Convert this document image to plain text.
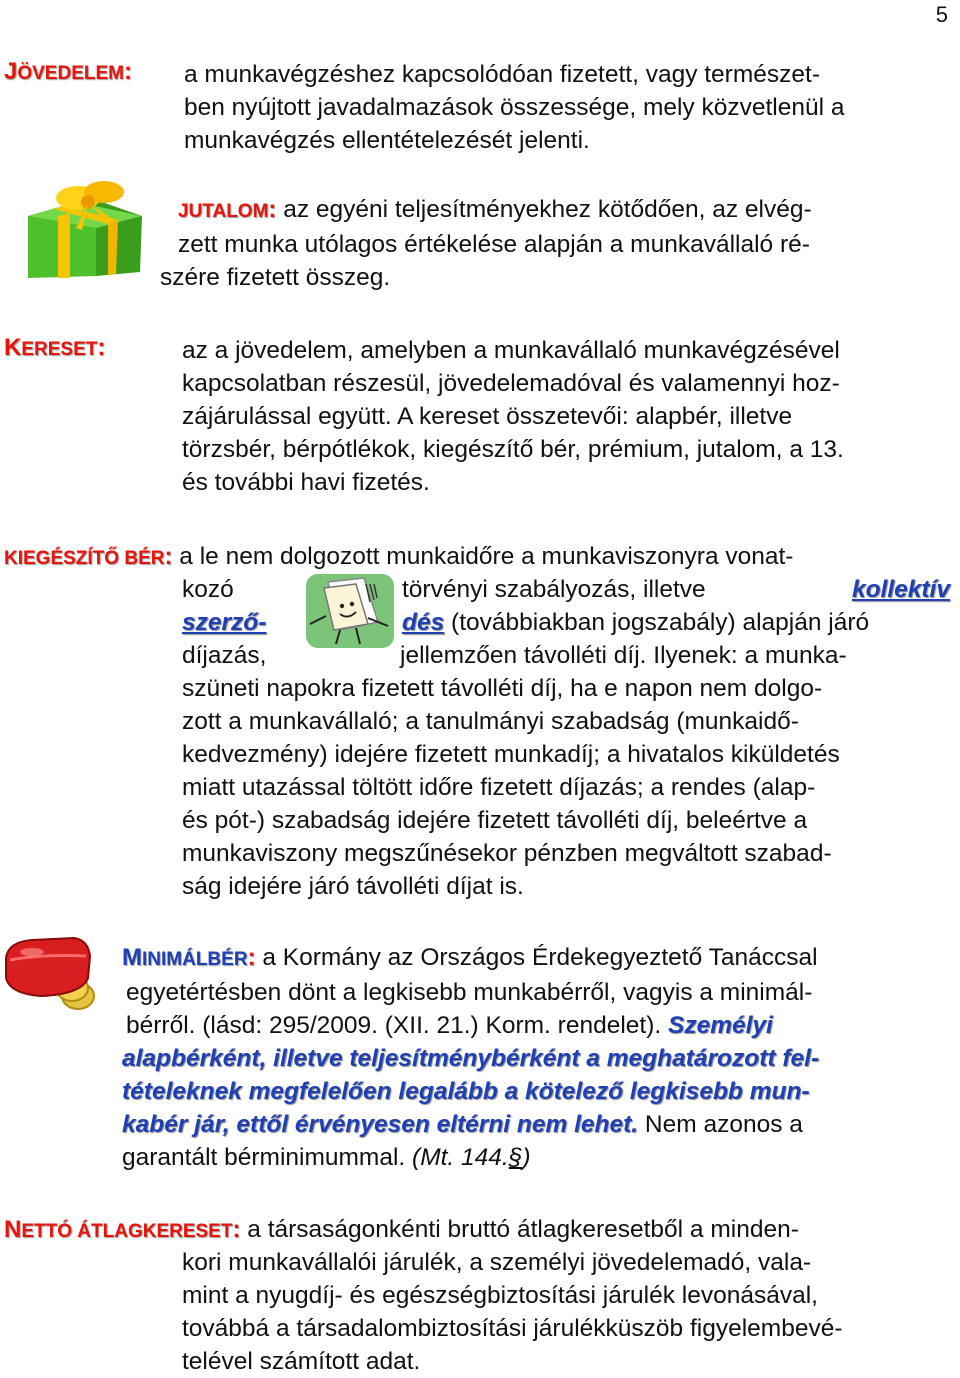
5
JÖVEDELEM: a munkavégzéshez kapcsolódóan fizetett, vagy természet-
ben nyújtott javadalmazások összessége, mely közvetlenül a
munkavégzés ellentételezését jelenti.
JUTALOM: az egyéni teljesítményekhez kötődően, az elvég-
zett munka utólagos értékelése alapján a munkavállaló ré-
szére fizetett összeg.
KERESET:	az a jövedelem, amelyben a munkavállaló munkavégzésével
kapcsolatban részesül, jövedelemadóval és valamennyi hoz-
zájárulással együtt. A kereset összetevői: alapbér, illetve
törzsbér, bérpótlékok, kiegészítő bér, prémium, jutalom, a 13.
és további havi fizetés.
KIEGÉSZÍTŐ BÉR: a le nem dolgozott munkaidőre a munkaviszonyra vonat-
kozó	törvényi szabályozás, illetve	kollektív
szerző-	dés (továbbiakban jogszabály) alapján járó
díjazás,	jellemzően távolléti díj. Ilyenek: a munka-
szüneti napokra fizetett távolléti díj, ha e napon nem dolgo-
zott a munkavállaló; a tanulmányi szabadság (munkaidő-
kedvezmény) idejére fizetett munkadíj; a hivatalos kiküldetés
miatt utazással töltött időre fizetett díjazás; a rendes (alap-
és pót-) szabadság idejére fizetett távolléti díj, beleértve a
munkaviszony megszűnésekor pénzben megváltott szabad-
ság idejére járó távolléti díjat is.
MINIMÁLBÉR: a Kormány az Országos Érdekegyeztető Tanáccsal
egyetértésben dönt a legkisebb munkabérről, vagyis a minimál-
bérről. (lásd: 295/2009. (XII. 21.) Korm. rendelet). Személyi
alapbérként, illetve teljesítménybérként a meghatározott fel-
tételeknek megfelelően legalább a kötelező legkisebb mun-
kabér jár, ettől érvényesen eltérni nem lehet. Nem azonos a
garantált bérminimummal. (Mt. 144.§)
NETTÓ ÁTLAGKERESET: a társaságonkénti bruttó átlagkeresetből a minden-
kori munkavállalói járulék, a személyi jövedelemadó, vala-
mint a nyugdíj- és egészségbiztosítási járulék levonásával,
továbbá a társadalombiztosítási járulékküszöb figyelembevé-
telével számított adat.
